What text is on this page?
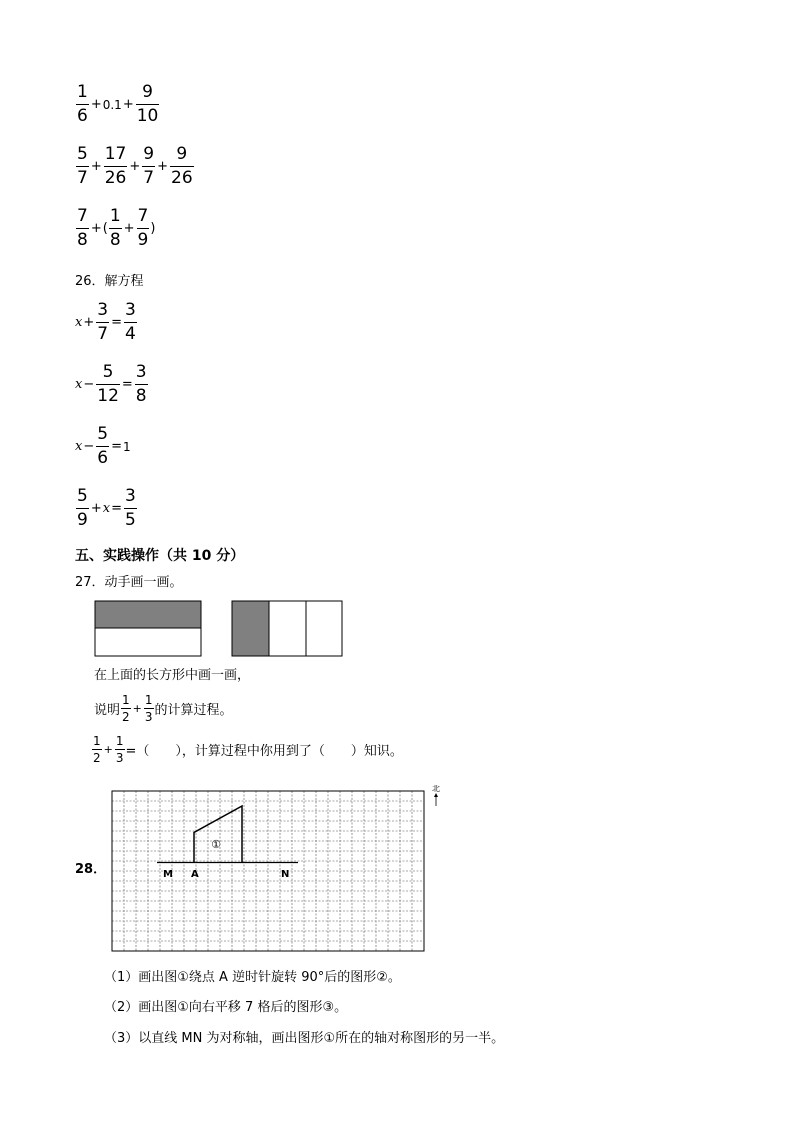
$\frac{1}{6} + 0.1 + \frac{9}{10}$
$\frac{5}{7} + \frac{17}{26} + \frac{9}{7} + \frac{9}{26}$
$\frac{7}{8}$ + ( $\frac{1}{8} + \frac{7}{9}$ )
26．解方程
$x + \frac{3}{7} = \frac{3}{4}$
$x - \frac{5}{12} = \frac{3}{8}$
$x - \frac{5}{6} = 1$
$\frac{5}{9} + x = \frac{3}{5}$
五、实践操作（共 10 分）
27．动手画一画。
在上面的长方形中画一画，
说明 $\frac{1}{2} + \frac{1}{3}$ 的计算过程。
$\frac{1}{2} + \frac{1}{3}$ =（　　），计算过程中你用到了（　　）知识。
28．
①
M A	N
北
（1）画出图①绕点 A 逆时针旋转 90°后的图形②。
（2）画出图①向右平移 7 格后的图形③。
（3）以直线 MN 为对称轴，画出图形①所在的轴对称图形的另一半。
